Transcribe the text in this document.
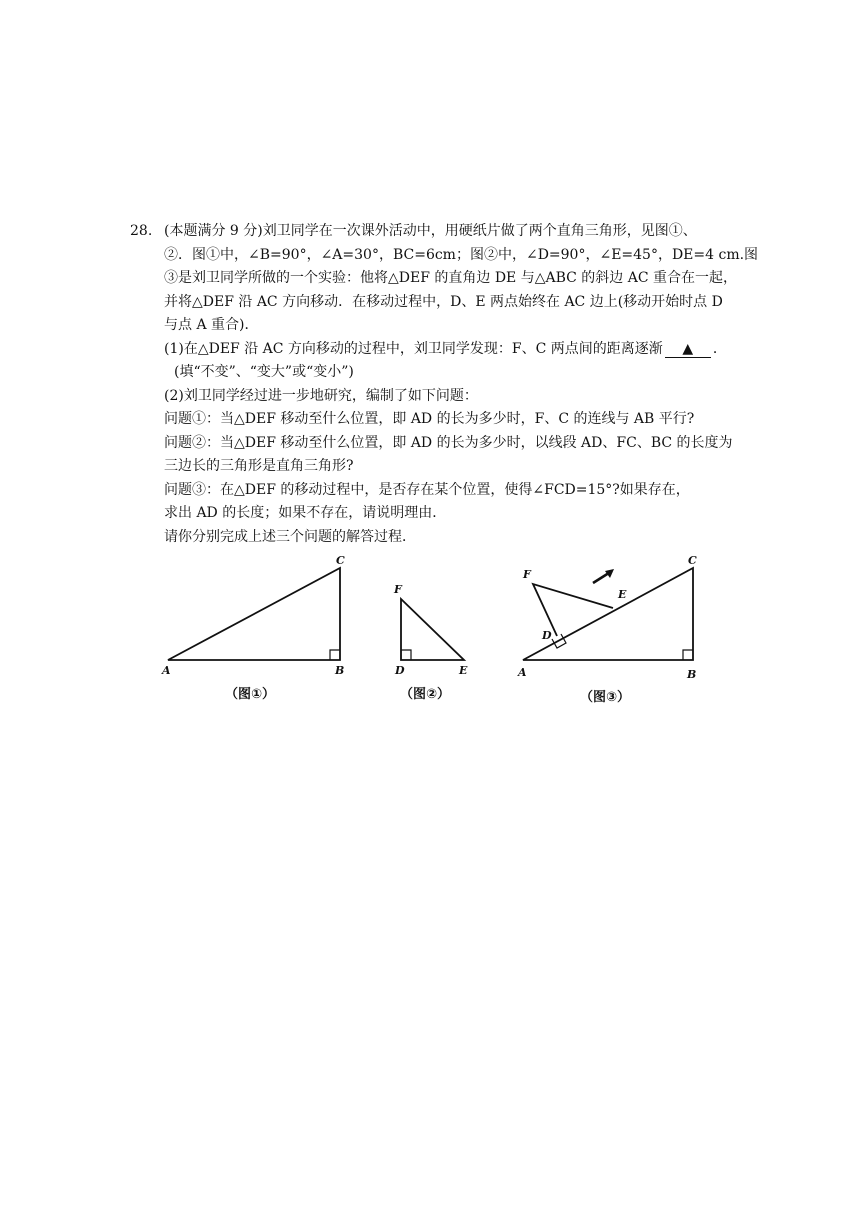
28. (本题满分 9 分)刘卫同学在一次课外活动中，用硬纸片做了两个直角三角形，见图①、
②．图①中，∠B=90°，∠A=30°，BC=6cm；图②中，∠D=90°，∠E=45°，DE=4 cm.图
③是刘卫同学所做的一个实验：他将△DEF 的直角边 DE 与△ABC 的斜边 AC 重合在一起，
并将△DEF 沿 AC 方向移动．在移动过程中，D、E 两点始终在 AC 边上(移动开始时点 D
与点 A 重合)．
(1)在△DEF 沿 AC 方向移动的过程中，刘卫同学发现：F、C 两点间的距离逐渐 ▲ ．
(填“不变”、“变大”或“变小”)
(2)刘卫同学经过进一步地研究，编制了如下问题：
问题①：当△DEF 移动至什么位置，即 AD 的长为多少时，F、C 的连线与 AB 平行?
问题②：当△DEF 移动至什么位置，即 AD 的长为多少时，以线段 AD、FC、BC 的长度为
三边长的三角形是直角三角形?
问题③：在△DEF 的移动过程中，是否存在某个位置，使得∠FCD=15°?如果存在，
求出 AD 的长度；如果不存在，请说明理由．
请你分别完成上述三个问题的解答过程．
A	B
C
（图①）
F
D	E
（图②）
F
D
E
C
A	B
（图③）
